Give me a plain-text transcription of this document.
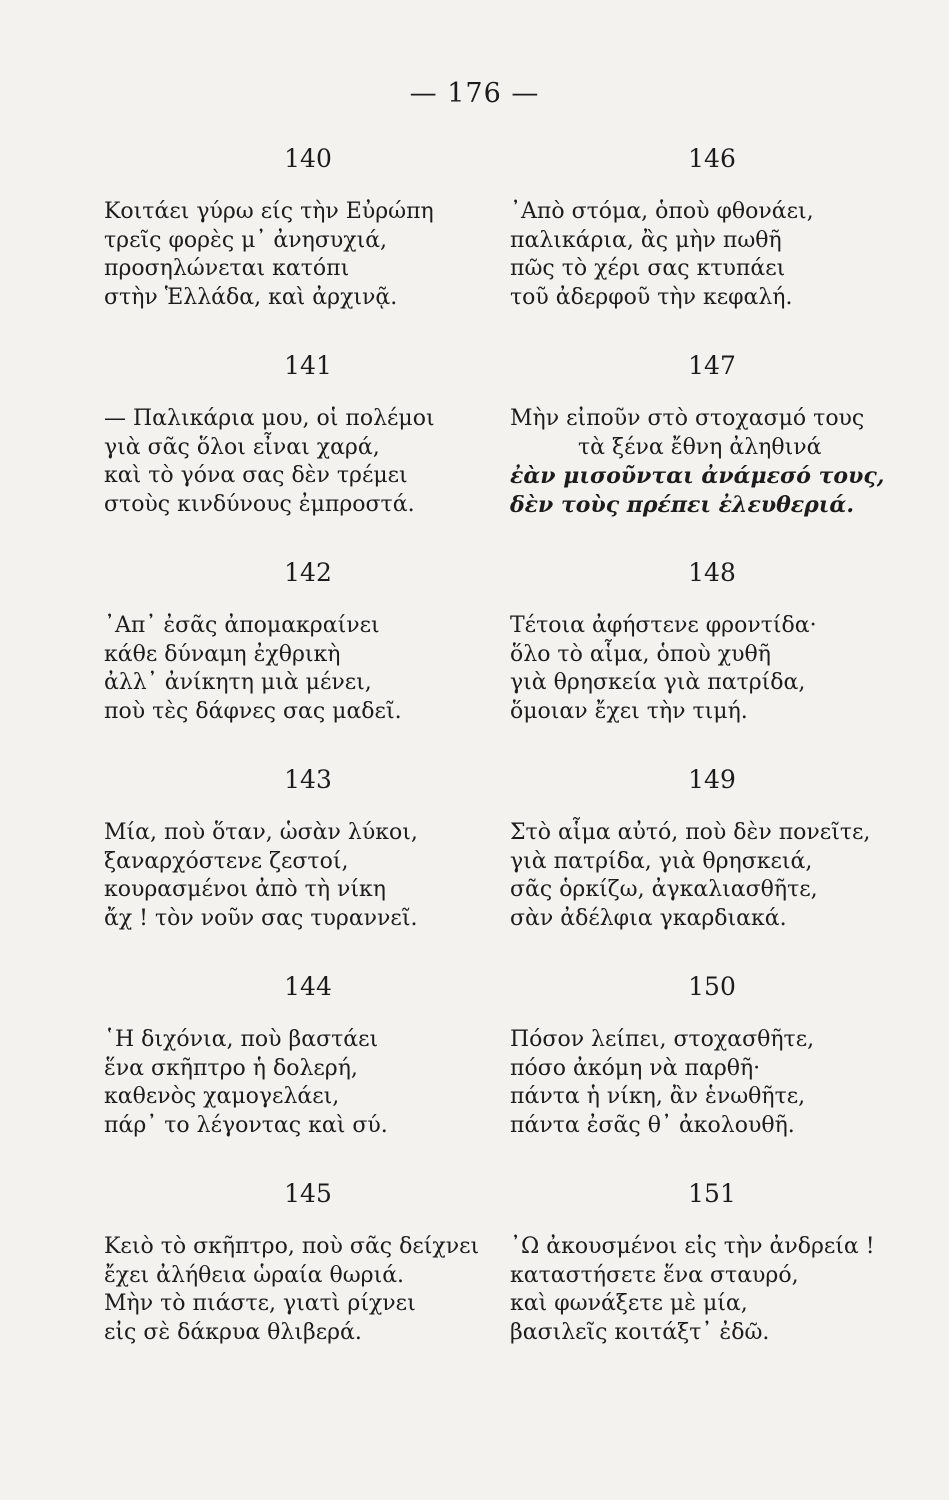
— 176 —
140
Κοιτάει γύρω είς τὴν Εὐρώπη
τρεῖς φορὲς μ᾽ ἀνησυχιά,
προσηλώνεται κατόπι
στὴν Ἑλλάδα, καὶ ἀρχινᾷ.
141
— Παλικάρια μου, οἱ πολέμοι
γιὰ σᾶς ὅλοι εἶναι χαρά,
καὶ τὸ γόνα σας δὲν τρέμει
στοὺς κινδύνους ἐμπροστά.
142
᾽Απ᾽ ἐσᾶς ἀπομακραίνει
κάθε δύναμη ἐχθρικὴ
ἀλλ᾽ ἀνίκητη μιὰ μένει,
ποὺ τὲς δάφνες σας μαδεῖ.
143
Μία, ποὺ ὅταν, ὡσὰν λύκοι,
ξαναρχόστενε ζεστοί,
κουρασμένοι ἀπὸ τὴ νίκη
ἄχ ! τὸν νοῦν σας τυραννεῖ.
144
῾Η διχόνια, ποὺ βαστάει
ἕνα σκῆπτρο ἡ δολερή,
καθενὸς χαμογελάει,
πάρ᾽ το λέγοντας καὶ σύ.
145
Κειὸ τὸ σκῆπτρο, ποὺ σᾶς δείχνει
ἔχει ἀλήθεια ὡραία θωριά.
Μὴν τὸ πιάστε, γιατὶ ρίχνει
εἰς σὲ δάκρυα θλιβερά.
146
᾽Απὸ στόμα, ὁποὺ φθονάει,
παλικάρια, ἂς μὴν πωθῆ
πῶς τὸ χέρι σας κτυπάει
τοῦ ἀδερφοῦ τὴν κεφαλή.
147
Μὴν εἰποῦν στὸ στοχασμό τους
τὰ ξένα ἔθνη ἀληθινά
ἐὰν μισοῦνται ἀνάμεσό τους,
δὲν τοὺς πρέπει ἐλευθεριά.
148
Τέτοια ἀφήστενε φροντίδα·
ὅλο τὸ αἷμα, ὁποὺ χυθῆ
γιὰ θρησκεία γιὰ πατρίδα,
ὅμοιαν ἔχει τὴν τιμή.
149
Στὸ αἷμα αὐτό, ποὺ δὲν πονεῖτε,
γιὰ πατρίδα, γιὰ θρησκειά,
σᾶς ὁρκίζω, ἀγκαλιασθῆτε,
σὰν ἀδέλφια γκαρδιακά.
150
Πόσον λείπει, στοχασθῆτε,
πόσο ἀκόμη νὰ παρθῆ·
πάντα ἡ νίκη, ἂν ἑνωθῆτε,
πάντα ἐσᾶς θ᾽ ἀκολουθῆ.
151
᾽Ω ἀκουσμένοι εἰς τὴν ἀνδρεία !
καταστήσετε ἕνα σταυρό,
καὶ φωνάξετε μὲ μία,
βασιλεῖς κοιτάξτ᾽ ἐδῶ.
